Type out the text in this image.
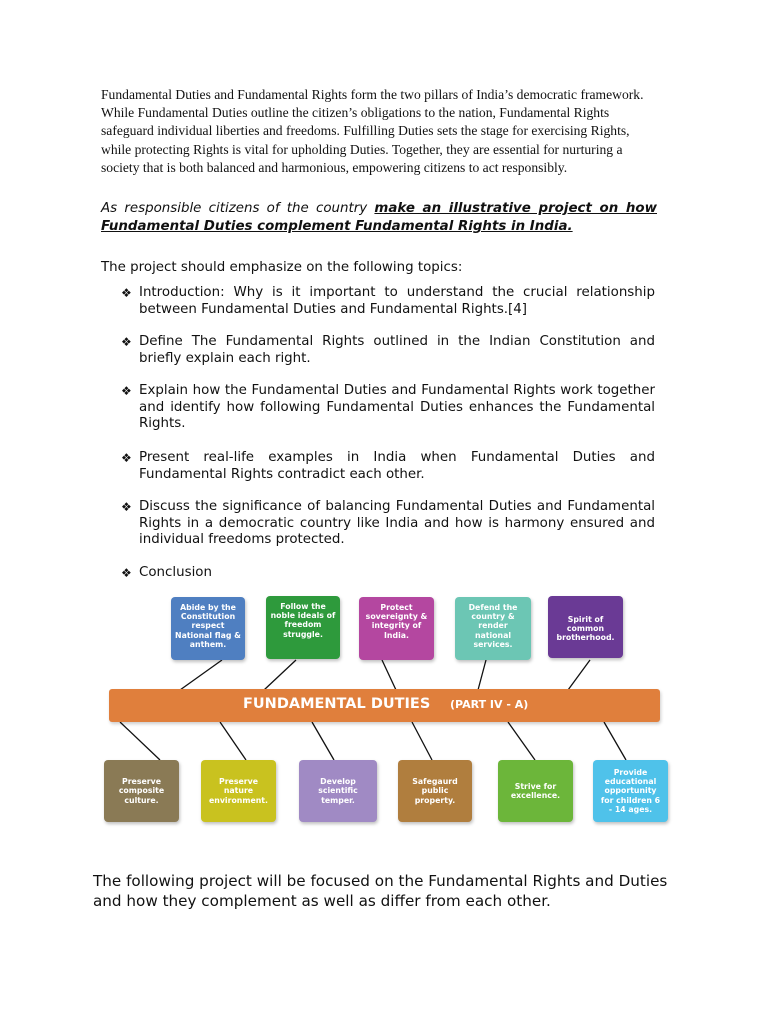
Fundamental Duties and Fundamental Rights form the two pillars of India’s democratic framework. While Fundamental Duties outline the citizen’s obligations to the nation, Fundamental Rights safeguard individual liberties and freedoms. Fulfilling Duties sets the stage for exercising Rights, while protecting Rights is vital for upholding Duties. Together, they are essential for nurturing a society that is both balanced and harmonious, empowering citizens to act responsibly.

As responsible citizens of the country make an illustrative project on how Fundamental Duties complement Fundamental Rights in India.

The project should emphasize on the following topics:

❖ Introduction: Why is it important to understand the crucial relationship between Fundamental Duties and Fundamental Rights.[4]
❖ Define The Fundamental Rights outlined in the Indian Constitution and briefly explain each right.
❖ Explain how the Fundamental Duties and Fundamental Rights work together and identify how following Fundamental Duties enhances the Fundamental Rights.
❖ Present real-life examples in India when Fundamental Duties and Fundamental Rights contradict each other.
❖ Discuss the significance of balancing Fundamental Duties and Fundamental Rights in a democratic country like India and how is harmony ensured and individual freedoms protected.
❖ Conclusion
Abide by the Constitution respect National flag & anthem.
Follow the noble ideals of freedom struggle.
Protect sovereignty & integrity of India.
Defend the country & render national services.
Spirit of common brotherhood.
FUNDAMENTAL DUTIES (PART IV - A)
Preserve composite culture.
Preserve nature environment.
Develop scientific temper.
Safegaurd public property.
Strive for excellence.
Provide educational opportunity for children 6 - 14 ages.

The following project will be focused on the Fundamental Rights and Duties and how they complement as well as differ from each other.
